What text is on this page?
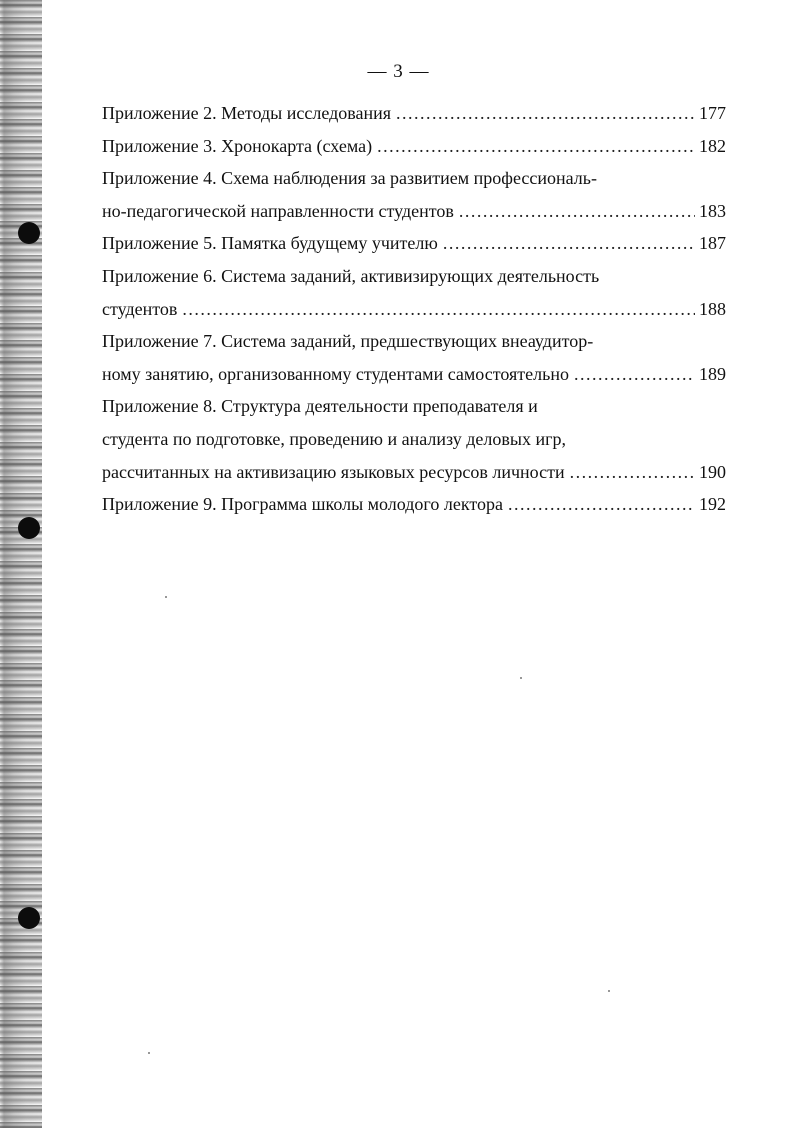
— 3 —
Приложение 2. Методы исследования .....	177
Приложение 3. Хронокарта (схема) .....	182
Приложение 4. Схема наблюдения за развитием профессиональ-
но-педагогической направленности студентов .....	183
Приложение 5. Памятка будущему учителю .....	187
Приложение 6. Система заданий, активизирующих деятельность
студентов .....	188
Приложение 7. Система заданий, предшествующих внеаудитор-
ному занятию, организованному студентами самостоятельно .....	189
Приложение 8. Структура деятельности преподавателя и
студента по подготовке, проведению и анализу деловых игр,
рассчитанных на активизацию языковых ресурсов личности .....	190
Приложение 9. Программа школы молодого лектора .....	192
